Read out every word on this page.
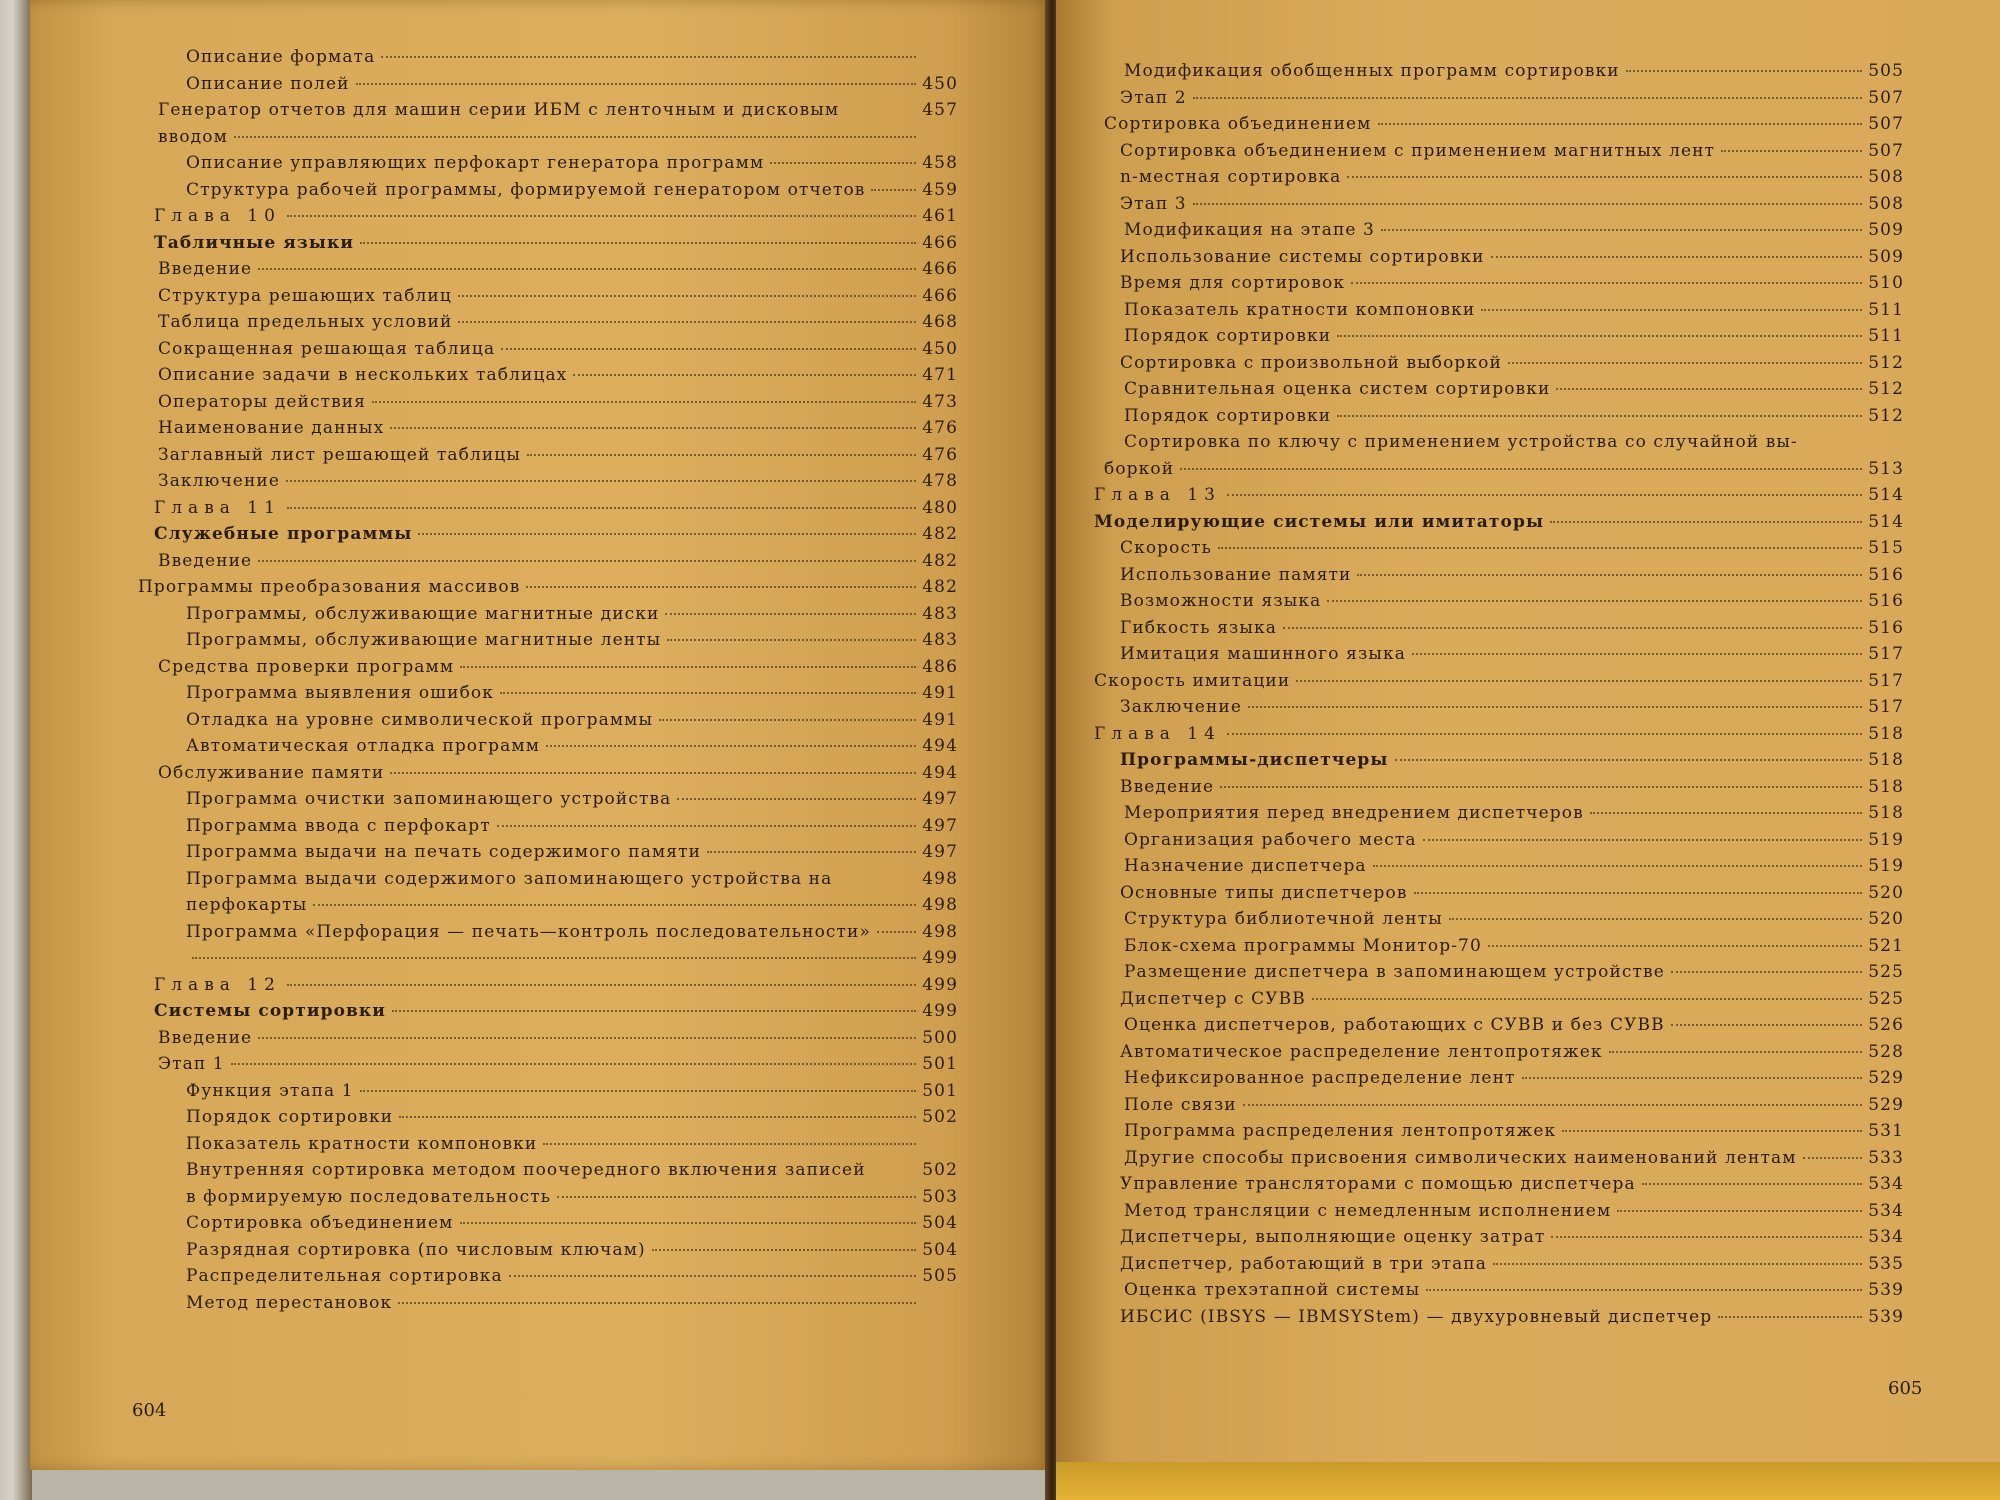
Описание формата
Описание полей	450
Генератор отчетов для машин серии ИБМ с ленточным и дисковым	457
вводом
Описание управляющих перфокарт генератора программ	458
Структура рабочей программы, формируемой генератором отчетов	459
Глава 10	461
Табличные языки	466
Введение	466
Структура решающих таблиц	466
Таблица предельных условий	468
Сокращенная решающая таблица	450
Описание задачи в нескольких таблицах	471
Операторы действия	473
Наименование данных	476
Заглавный лист решающей таблицы	476
Заключение	478
Глава 11	480
Служебные программы	482
Введение	482
Программы преобразования массивов	482
Программы, обслуживающие магнитные диски	483
Программы, обслуживающие магнитные ленты	483
Средства проверки программ	486
Программа выявления ошибок	491
Отладка на уровне символической программы	491
Автоматическая отладка программ	494
Обслуживание памяти	494
Программа очистки запоминающего устройства	497
Программа ввода с перфокарт	497
Программа выдачи на печать содержимого памяти	497
Программа выдачи содержимого запоминающего устройства на	498
перфокарты	498
Программа «Перфорация — печать—контроль последовательности»	498
499
Глава 12	499
Системы сортировки	499
Введение	500
Этап 1	501
Функция этапа 1	501
Порядок сортировки	502
Показатель кратности компоновки
Внутренняя сортировка методом поочередного включения записей	502
в формируемую последовательность	503
Сортировка объединением	504
Разрядная сортировка (по числовым ключам)	504
Распределительная сортировка	505
Метод перестановок
Модификация обобщенных программ сортировки	505
Этап 2	507
Сортировка объединением	507
Сортировка объединением с применением магнитных лент	507
n-местная сортировка	508
Этап 3	508
Модификация на этапе 3	509
Использование системы сортировки	509
Время для сортировок	510
Показатель кратности компоновки	511
Порядок сортировки	511
Сортировка с произвольной выборкой	512
Сравнительная оценка систем сортировки	512
Порядок сортировки	512
Сортировка по ключу с применением устройства со случайной вы-
боркой	513
Глава 13	514
Моделирующие системы или имитаторы	514
Скорость	515
Использование памяти	516
Возможности языка	516
Гибкость языка	516
Имитация машинного языка	517
Скорость имитации	517
Заключение	517
Глава 14	518
Программы-диспетчеры	518
Введение	518
Мероприятия перед внедрением диспетчеров	518
Организация рабочего места	519
Назначение диспетчера	519
Основные типы диспетчеров	520
Структура библиотечной ленты	520
Блок-схема программы Монитор-70	521
Размещение диспетчера в запоминающем устройстве	525
Диспетчер с СУВВ	525
Оценка диспетчеров, работающих с СУВВ и без СУВВ	526
Автоматическое распределение лентопротяжек	528
Нефиксированное распределение лент	529
Поле связи	529
Программа распределения лентопротяжек	531
Другие способы присвоения символических наименований лентам	533
Управление трансляторами с помощью диспетчера	534
Метод трансляции с немедленным исполнением	534
Диспетчеры, выполняющие оценку затрат	534
Диспетчер, работающий в три этапа	535
Оценка трехэтапной системы	539
ИБСИС (IBSYS — IBMSYStem) — двухуровневый диспетчер	539
604
605
